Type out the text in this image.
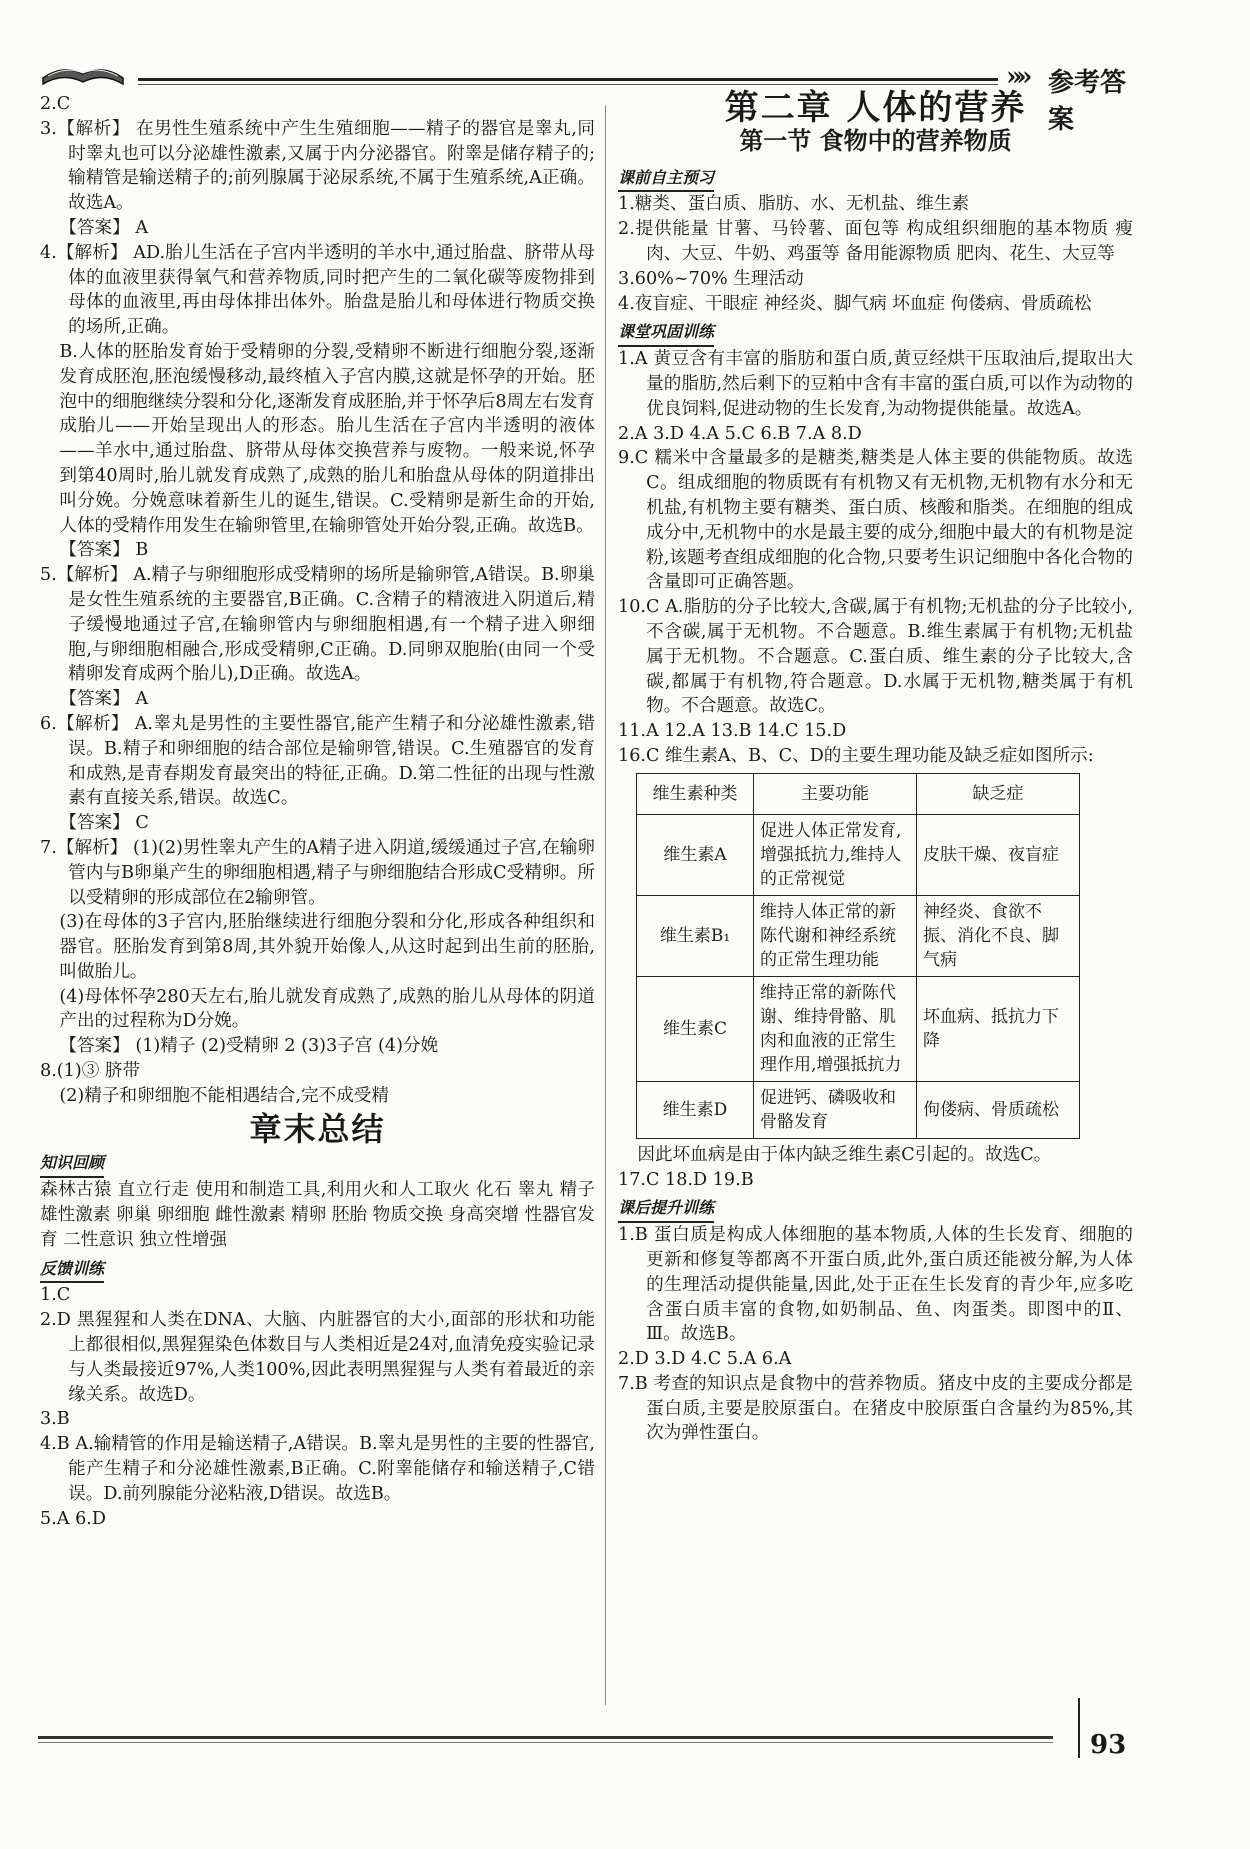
»» 参考答案

2.C

3.【解析】 在男性生殖系统中产生生殖细胞——精子的器官是睾丸,同时睾丸也可以分泌雄性激素,又属于内分泌器官。附睾是储存精子的;输精管是输送精子的;前列腺属于泌尿系统,不属于生殖系统,A正确。故选A。

【答案】 A

4.【解析】 AD.胎儿生活在子宫内半透明的羊水中,通过胎盘、脐带从母体的血液里获得氧气和营养物质,同时把产生的二氧化碳等废物排到母体的血液里,再由母体排出体外。胎盘是胎儿和母体进行物质交换的场所,正确。

B.人体的胚胎发育始于受精卵的分裂,受精卵不断进行细胞分裂,逐渐发育成胚泡,胚泡缓慢移动,最终植入子宫内膜,这就是怀孕的开始。胚泡中的细胞继续分裂和分化,逐渐发育成胚胎,并于怀孕后8周左右发育成胎儿——开始呈现出人的形态。胎儿生活在子宫内半透明的液体——羊水中,通过胎盘、脐带从母体交换营养与废物。一般来说,怀孕到第40周时,胎儿就发育成熟了,成熟的胎儿和胎盘从母体的阴道排出叫分娩。分娩意味着新生儿的诞生,错误。C.受精卵是新生命的开始,人体的受精作用发生在输卵管里,在输卵管处开始分裂,正确。故选B。

【答案】 B

5.【解析】 A.精子与卵细胞形成受精卵的场所是输卵管,A错误。B.卵巢是女性生殖系统的主要器官,B正确。C.含精子的精液进入阴道后,精子缓慢地通过子宫,在输卵管内与卵细胞相遇,有一个精子进入卵细胞,与卵细胞相融合,形成受精卵,C正确。D.同卵双胞胎(由同一个受精卵发育成两个胎儿),D正确。故选A。

【答案】 A

6.【解析】 A.睾丸是男性的主要性器官,能产生精子和分泌雄性激素,错误。B.精子和卵细胞的结合部位是输卵管,错误。C.生殖器官的发育和成熟,是青春期发育最突出的特征,正确。D.第二性征的出现与性激素有直接关系,错误。故选C。

【答案】 C

7.【解析】 (1)(2)男性睾丸产生的A精子进入阴道,缓缓通过子宫,在输卵管内与B卵巢产生的卵细胞相遇,精子与卵细胞结合形成C受精卵。所以受精卵的形成部位在2输卵管。

(3)在母体的3子宫内,胚胎继续进行细胞分裂和分化,形成各种组织和器官。胚胎发育到第8周,其外貌开始像人,从这时起到出生前的胚胎,叫做胎儿。

(4)母体怀孕280天左右,胎儿就发育成熟了,成熟的胎儿从母体的阴道产出的过程称为D分娩。

【答案】 (1)精子 (2)受精卵 2 (3)3子宫 (4)分娩

8.(1)③ 脐带

(2)精子和卵细胞不能相遇结合,完不成受精

章末总结
知识回顾

森林古猿 直立行走 使用和制造工具,利用火和人工取火 化石 睾丸 精子 雄性激素 卵巢 卵细胞 雌性激素 精卵 胚胎 物质交换 身高突增 性器官发育 二性意识 独立性增强

反馈训练

1.C

2.D 黑猩猩和人类在DNA、大脑、内脏器官的大小,面部的形状和功能上都很相似,黑猩猩染色体数目与人类相近是24对,血清免疫实验记录与人类最接近97%,人类100%,因此表明黑猩猩与人类有着最近的亲缘关系。故选D。

3.B

4.B A.输精管的作用是输送精子,A错误。B.睾丸是男性的主要的性器官,能产生精子和分泌雄性激素,B正确。C.附睾能储存和输送精子,C错误。D.前列腺能分泌粘液,D错误。故选B。

5.A 6.D

第二章 人体的营养
第一节 食物中的营养物质
课前自主预习

1.糖类、蛋白质、脂肪、水、无机盐、维生素

2.提供能量 甘薯、马铃薯、面包等 构成组织细胞的基本物质 瘦肉、大豆、牛奶、鸡蛋等 备用能源物质 肥肉、花生、大豆等

3.60%~70% 生理活动

4.夜盲症、干眼症 神经炎、脚气病 坏血症 佝偻病、骨质疏松

课堂巩固训练

1.A 黄豆含有丰富的脂肪和蛋白质,黄豆经烘干压取油后,提取出大量的脂肪,然后剩下的豆粕中含有丰富的蛋白质,可以作为动物的优良饲料,促进动物的生长发育,为动物提供能量。故选A。

2.A 3.D 4.A 5.C 6.B 7.A 8.D

9.C 糯米中含量最多的是糖类,糖类是人体主要的供能物质。故选C。组成细胞的物质既有有机物又有无机物,无机物有水分和无机盐,有机物主要有糖类、蛋白质、核酸和脂类。在细胞的组成成分中,无机物中的水是最主要的成分,细胞中最大的有机物是淀粉,该题考查组成细胞的化合物,只要考生识记细胞中各化合物的含量即可正确答题。

10.C A.脂肪的分子比较大,含碳,属于有机物;无机盐的分子比较小,不含碳,属于无机物。不合题意。B.维生素属于有机物;无机盐属于无机物。不合题意。C.蛋白质、维生素的分子比较大,含碳,都属于有机物,符合题意。D.水属于无机物,糖类属于有机物。不合题意。故选C。

11.A 12.A 13.B 14.C 15.D

16.C 维生素A、B、C、D的主要生理功能及缺乏症如图所示:

维生素种类	主要功能	缺乏症
维生素A	促进人体正常发育,增强抵抗力,维持人的正常视觉	皮肤干燥、夜盲症
维生素B₁	维持人体正常的新陈代谢和神经系统的正常生理功能	神经炎、食欲不振、消化不良、脚气病
维生素C	维持正常的新陈代谢、维持骨骼、肌肉和血液的正常生理作用,增强抵抗力	坏血病、抵抗力下降
维生素D	促进钙、磷吸收和骨骼发育	佝偻病、骨质疏松

因此坏血病是由于体内缺乏维生素C引起的。故选C。

17.C 18.D 19.B

课后提升训练

1.B 蛋白质是构成人体细胞的基本物质,人体的生长发育、细胞的更新和修复等都离不开蛋白质,此外,蛋白质还能被分解,为人体的生理活动提供能量,因此,处于正在生长发育的青少年,应多吃含蛋白质丰富的食物,如奶制品、鱼、肉蛋类。即图中的Ⅱ、Ⅲ。故选B。

2.D 3.D 4.C 5.A 6.A

7.B 考查的知识点是食物中的营养物质。猪皮中皮的主要成分都是蛋白质,主要是胶原蛋白。在猪皮中胶原蛋白含量约为85%,其次为弹性蛋白。

93
